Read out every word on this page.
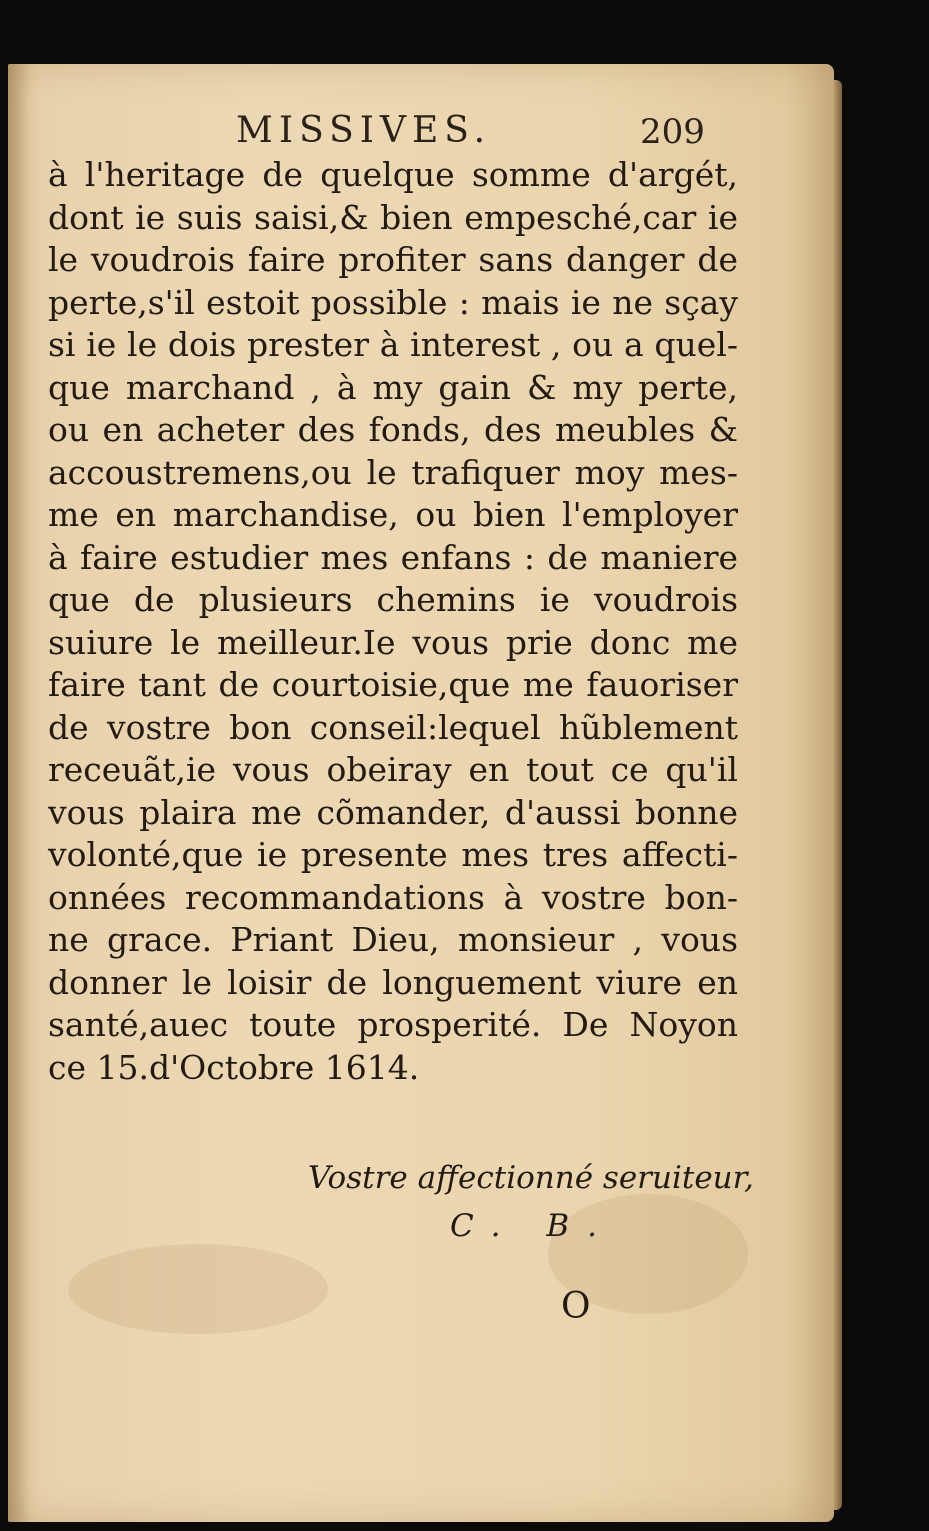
MISSIVES.	209
à l'heritage de quelque somme d'argét,
dont ie suis saisi,& bien empesché,car ie
le voudrois faire profiter sans danger de
perte,s'il estoit possible : mais ie ne sçay
si ie le dois prester à interest , ou a quel-
que marchand , à my gain & my perte,
ou en acheter des fonds, des meubles &
accoustremens,ou le trafiquer moy mes-
me en marchandise, ou bien l'employer
à faire estudier mes enfans : de maniere
que de plusieurs chemins ie voudrois
suiure le meilleur.Ie vous prie donc me
faire tant de courtoisie,que me fauoriser
de vostre bon conseil:lequel hũblement
receuãt,ie vous obeiray en tout ce qu'il
vous plaira me cõmander, d'aussi bonne
volonté,que ie presente mes tres affecti-
onnées recommandations à vostre bon-
ne grace. Priant Dieu, monsieur , vous
donner le loisir de longuement viure en
santé,auec toute prosperité. De Noyon
ce 15.d'Octobre 1614.
Vostre affectionné seruiteur,
C. B.
O
